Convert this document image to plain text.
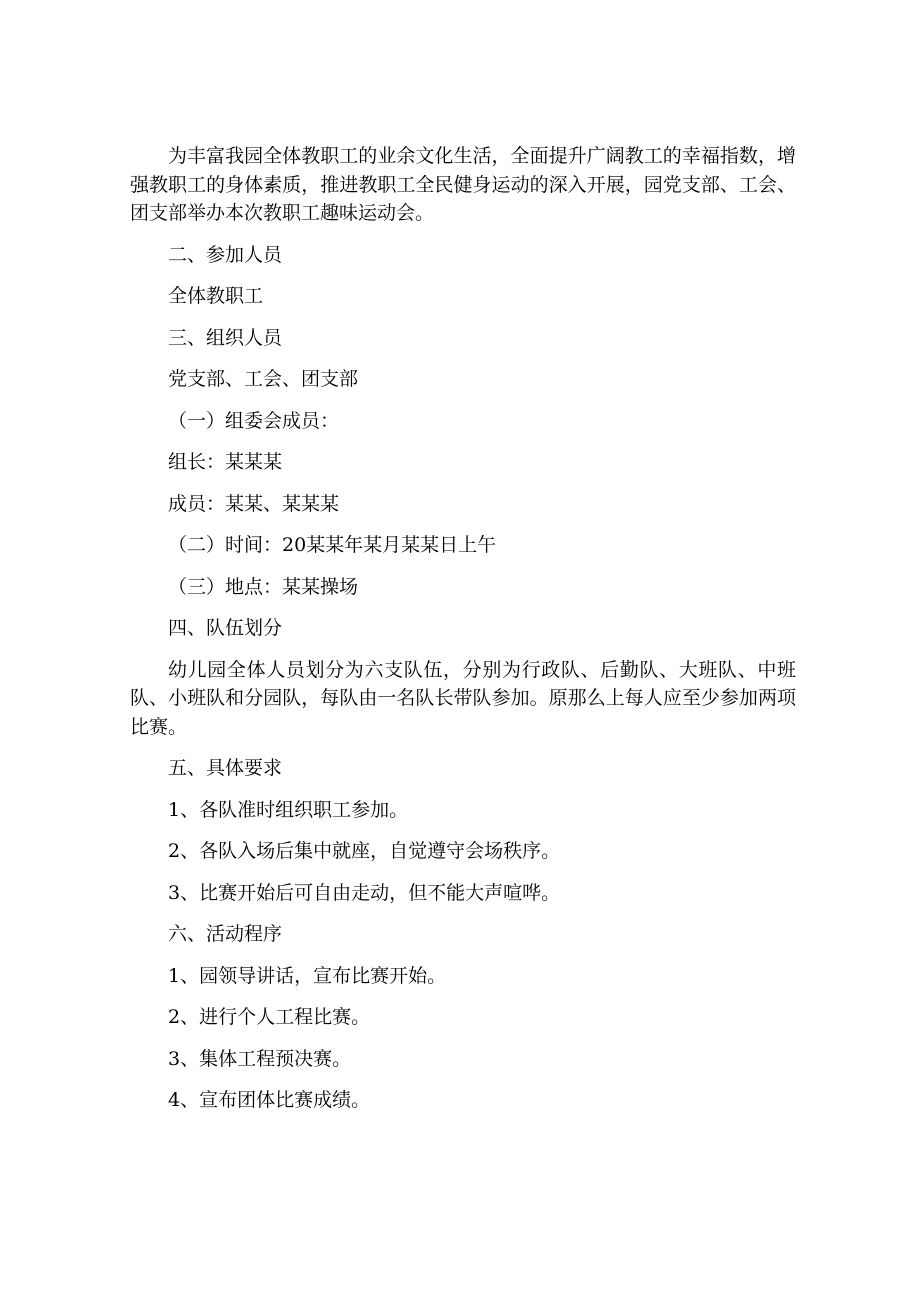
为丰富我园全体教职工的业余文化生活，全面提升广阔教工的幸福指数，增强教职工的身体素质，推进教职工全民健身运动的深入开展，园党支部、工会、团支部举办本次教职工趣味运动会。

二、参加人员

全体教职工

三、组织人员

党支部、工会、团支部

（一）组委会成员：

组长：某某某

成员：某某、某某某

（二）时间：20某某年某月某某日上午

（三）地点：某某操场

四、队伍划分

幼儿园全体人员划分为六支队伍，分别为行政队、后勤队、大班队、中班队、小班队和分园队，每队由一名队长带队参加。原那么上每人应至少参加两项比赛。

五、具体要求

1、各队准时组织职工参加。

2、各队入场后集中就座，自觉遵守会场秩序。

3、比赛开始后可自由走动，但不能大声喧哗。

六、活动程序

1、园领导讲话，宣布比赛开始。

2、进行个人工程比赛。

3、集体工程预决赛。

4、宣布团体比赛成绩。
